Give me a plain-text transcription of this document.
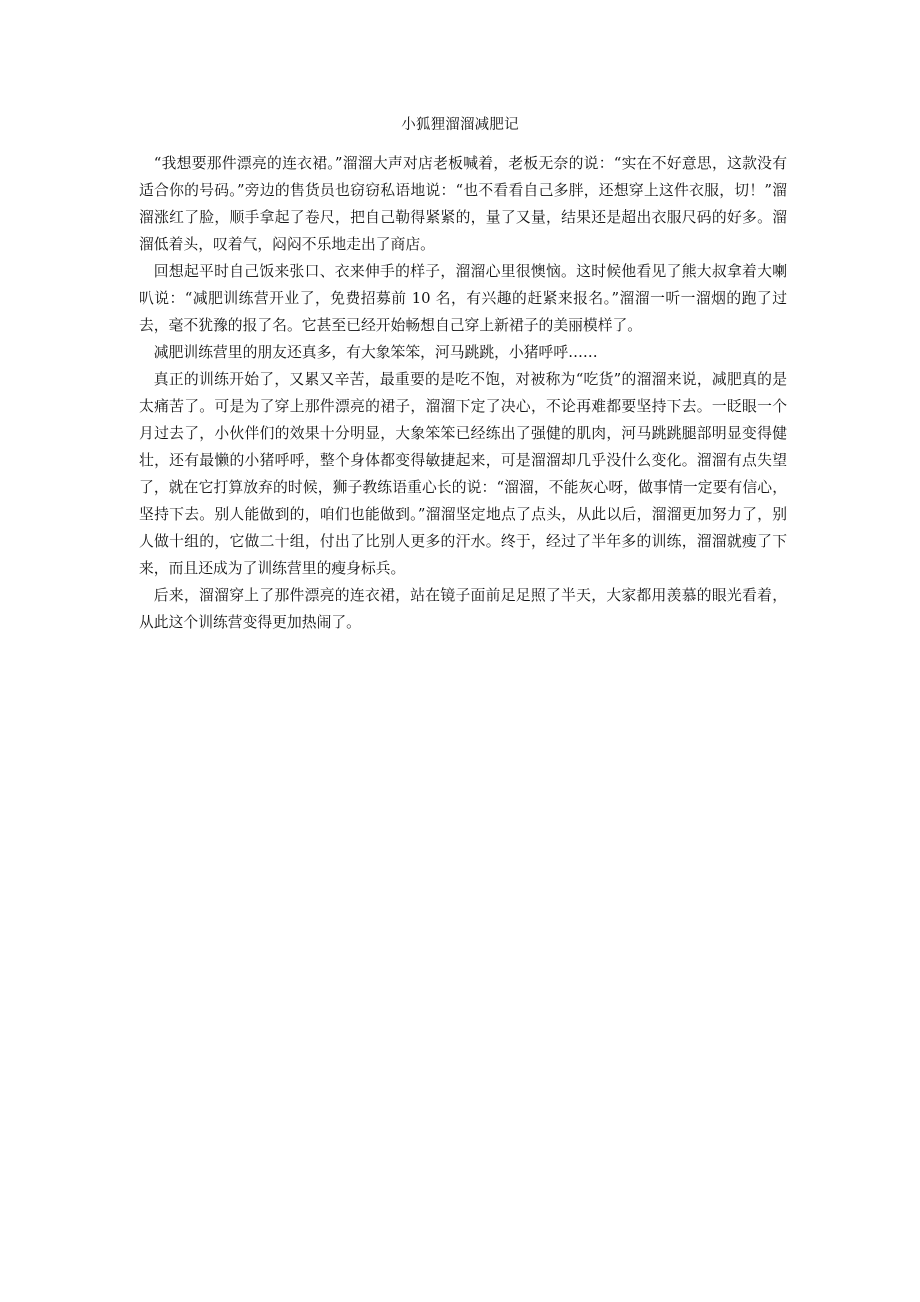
小狐狸溜溜减肥记

“我想要那件漂亮的连衣裙。”溜溜大声对店老板喊着，老板无奈的说：“实在不好意思，这款没有适合你的号码。”旁边的售货员也窃窃私语地说：“也不看看自己多胖，还想穿上这件衣服，切！”溜溜涨红了脸，顺手拿起了卷尺，把自己勒得紧紧的，量了又量，结果还是超出衣服尺码的好多。溜溜低着头，叹着气，闷闷不乐地走出了商店。

回想起平时自己饭来张口、衣来伸手的样子，溜溜心里很懊恼。这时候他看见了熊大叔拿着大喇叭说：“减肥训练营开业了，免费招募前 10 名，有兴趣的赶紧来报名。”溜溜一听一溜烟的跑了过去，毫不犹豫的报了名。它甚至已经开始畅想自己穿上新裙子的美丽模样了。

减肥训练营里的朋友还真多，有大象笨笨，河马跳跳，小猪呼呼……

真正的训练开始了，又累又辛苦，最重要的是吃不饱，对被称为“吃货”的溜溜来说，减肥真的是太痛苦了。可是为了穿上那件漂亮的裙子，溜溜下定了决心，不论再难都要坚持下去。一眨眼一个月过去了，小伙伴们的效果十分明显，大象笨笨已经练出了强健的肌肉，河马跳跳腿部明显变得健壮，还有最懒的小猪呼呼，整个身体都变得敏捷起来，可是溜溜却几乎没什么变化。溜溜有点失望了，就在它打算放弃的时候，狮子教练语重心长的说：“溜溜，不能灰心呀，做事情一定要有信心，坚持下去。别人能做到的，咱们也能做到。”溜溜坚定地点了点头，从此以后，溜溜更加努力了，别人做十组的，它做二十组，付出了比别人更多的汗水。终于，经过了半年多的训练，溜溜就瘦了下来，而且还成为了训练营里的瘦身标兵。

后来，溜溜穿上了那件漂亮的连衣裙，站在镜子面前足足照了半天，大家都用羡慕的眼光看着，从此这个训练营变得更加热闹了。
